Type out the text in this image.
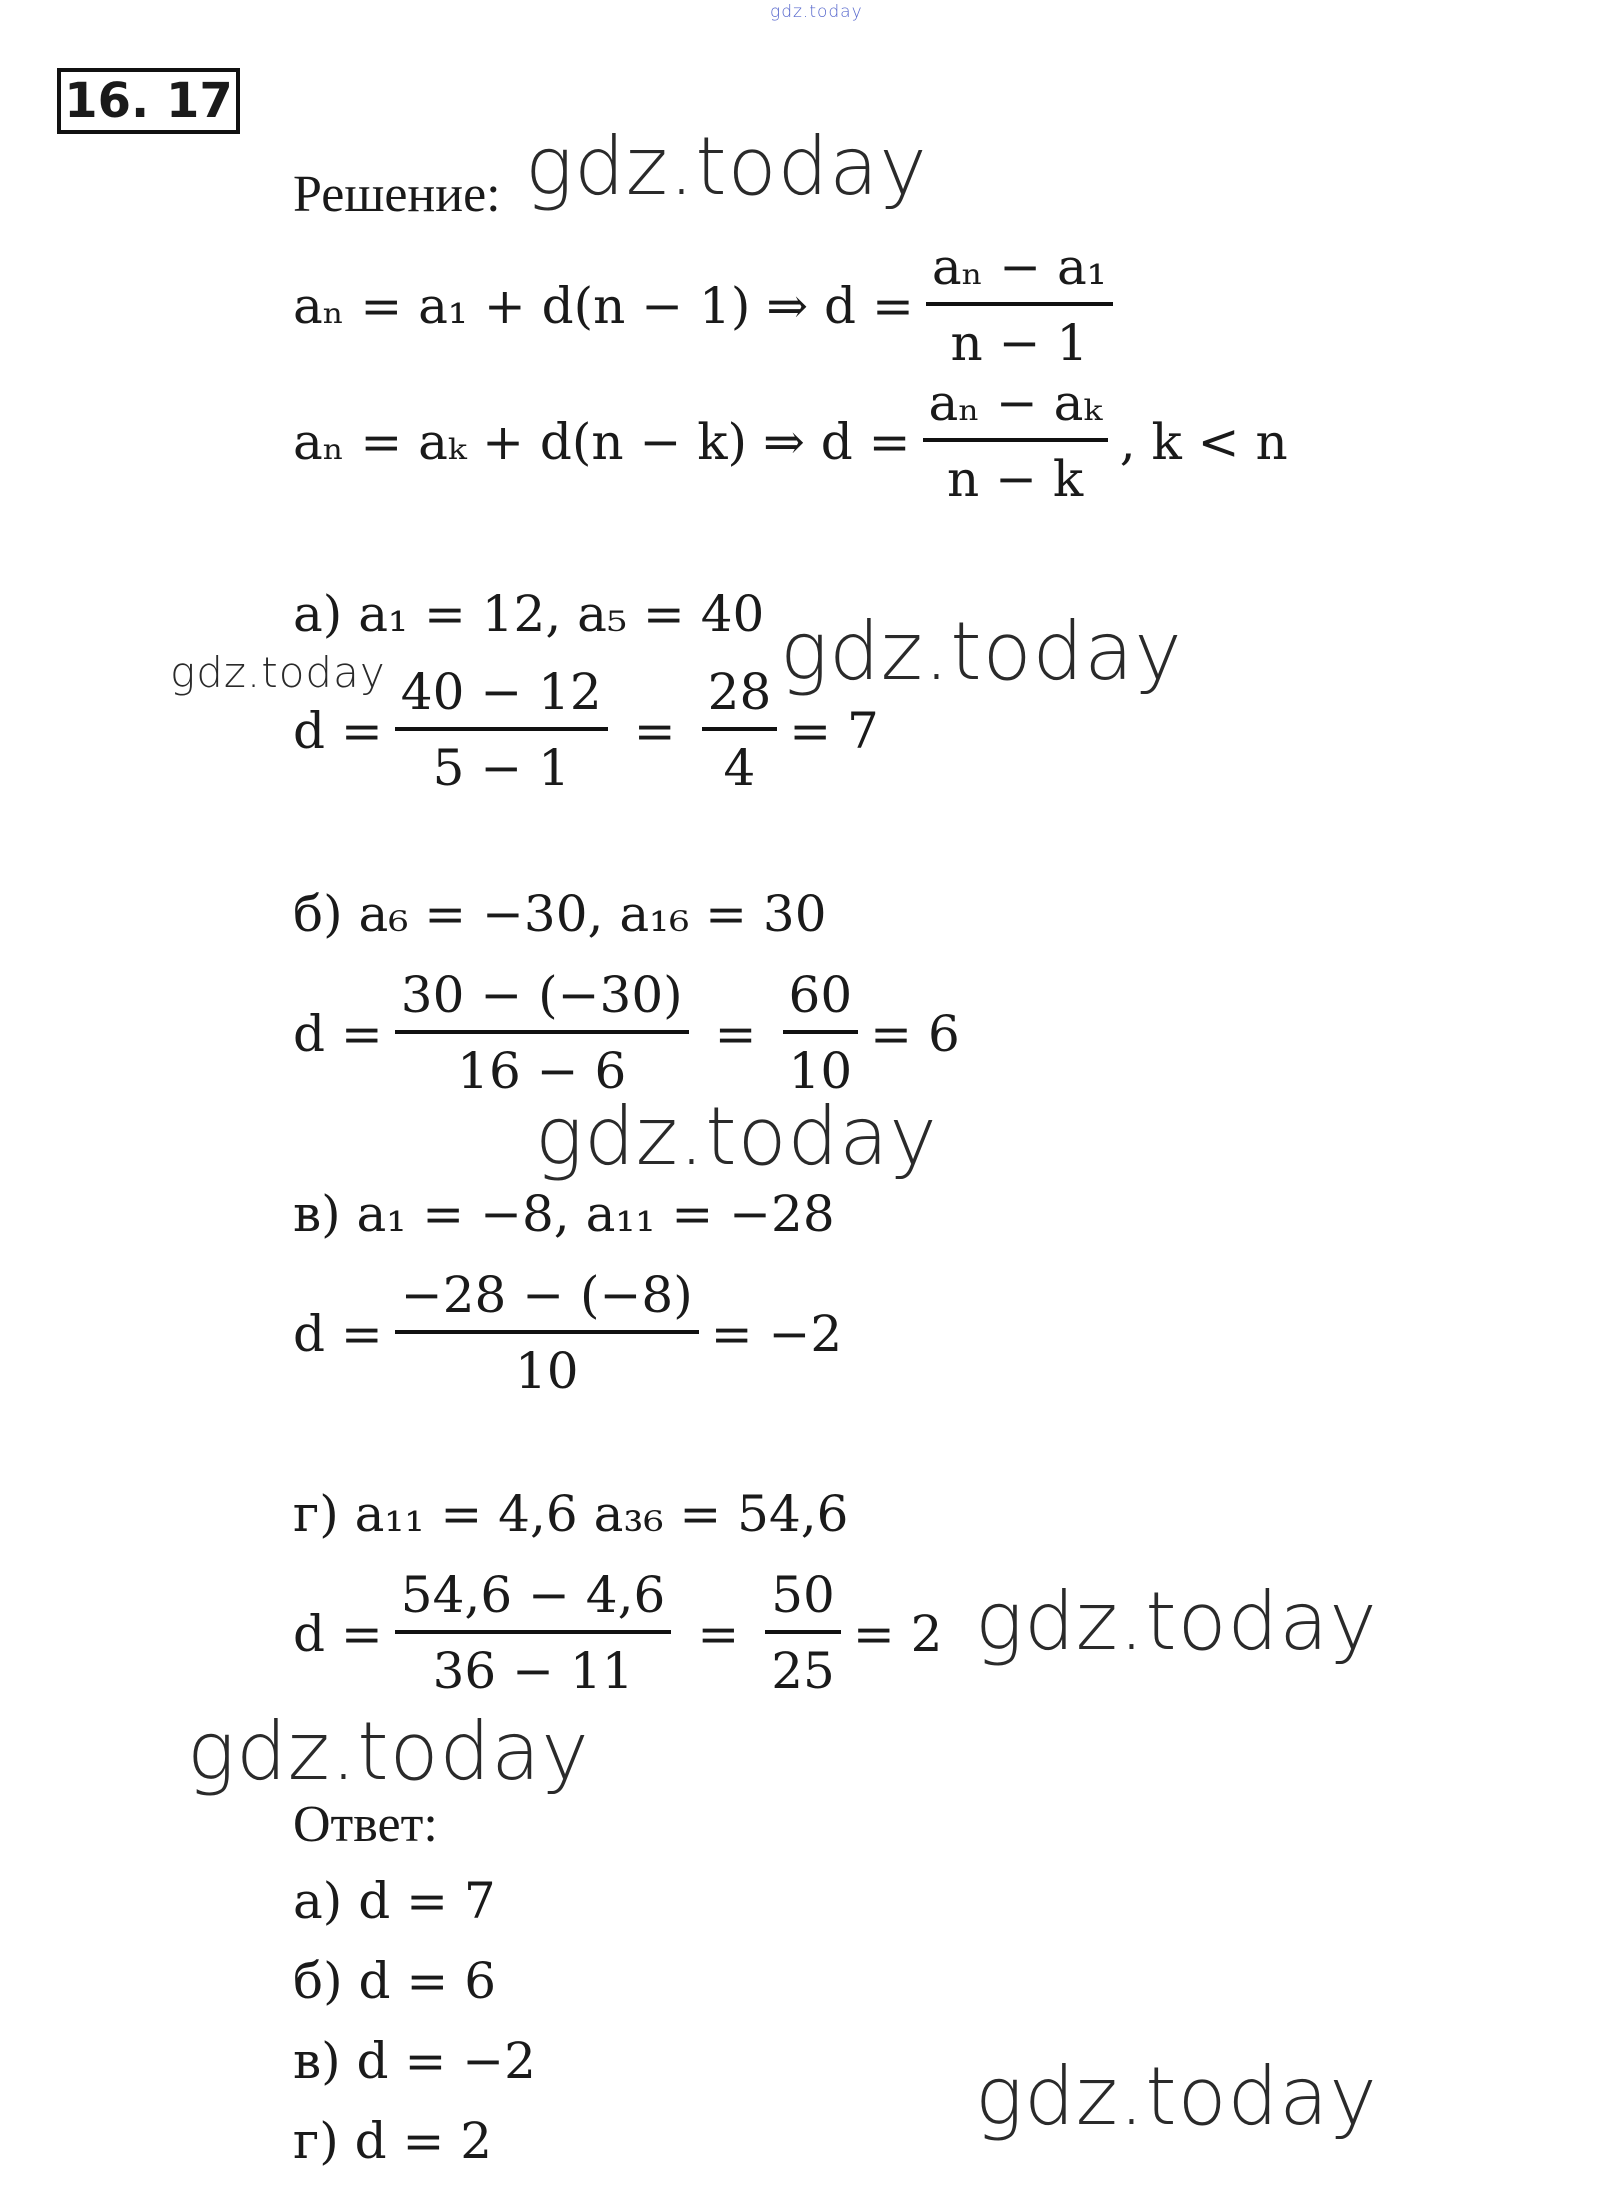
gdz.today
gdz.today
gdz.today	gdz.today
gdz.today
gdz.today
gdz.today
gdz.today
16. 17
Решение:
aₙ = a₁ + d(n − 1) ⇒ $d = \frac{\text{aₙ − a₁}}{n - 1}$
aₙ = aₖ + d(n − k) ⇒ $d = \frac{\text{aₙ − aₖ}}{n - k}$ , k < n
а) a₁ = 12, a₅ = 40
$d = \frac{40 - 12}{5 - 1} = \frac{28}{4} = 7$
б) a₆ = −30, a₁₆ = 30
$d = \frac{30 - (-30)}{16 - 6} = \frac{60}{10} = 6$
в) a₁ = −8, a₁₁ = −28
$d = \frac{-28 - (-8)}{10} = -2$
г) a₁₁ = 4,6 a₃₆ = 54,6
$d = \frac{54,6 - 4,6}{36 - 11} = \frac{50}{25} = 2$
Ответ:
а) d = 7
б) d = 6
в) d = −2
г) d = 2
